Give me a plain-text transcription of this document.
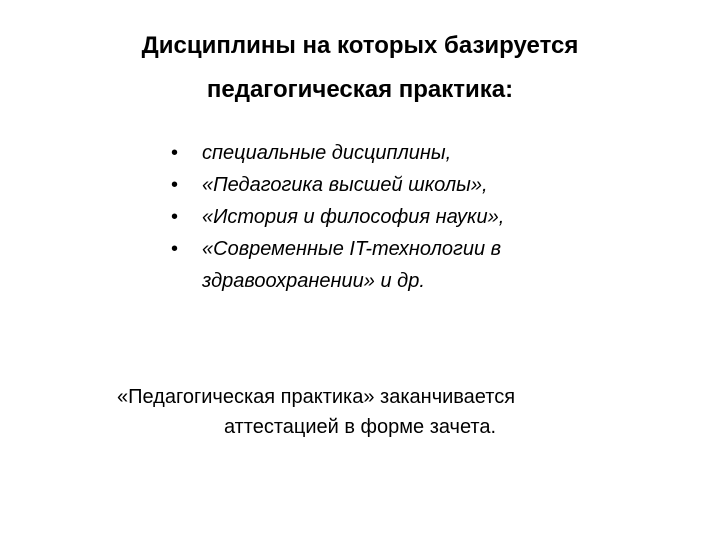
Дисциплины на которых базируется
педагогическая практика:
• специальные дисциплины,
• «Педагогика высшей школы»,
• «История и философия науки»,
• «Современные IT-технологии в
здравоохранении» и др.
«Педагогическая практика» заканчивается
аттестацией в форме зачета.
